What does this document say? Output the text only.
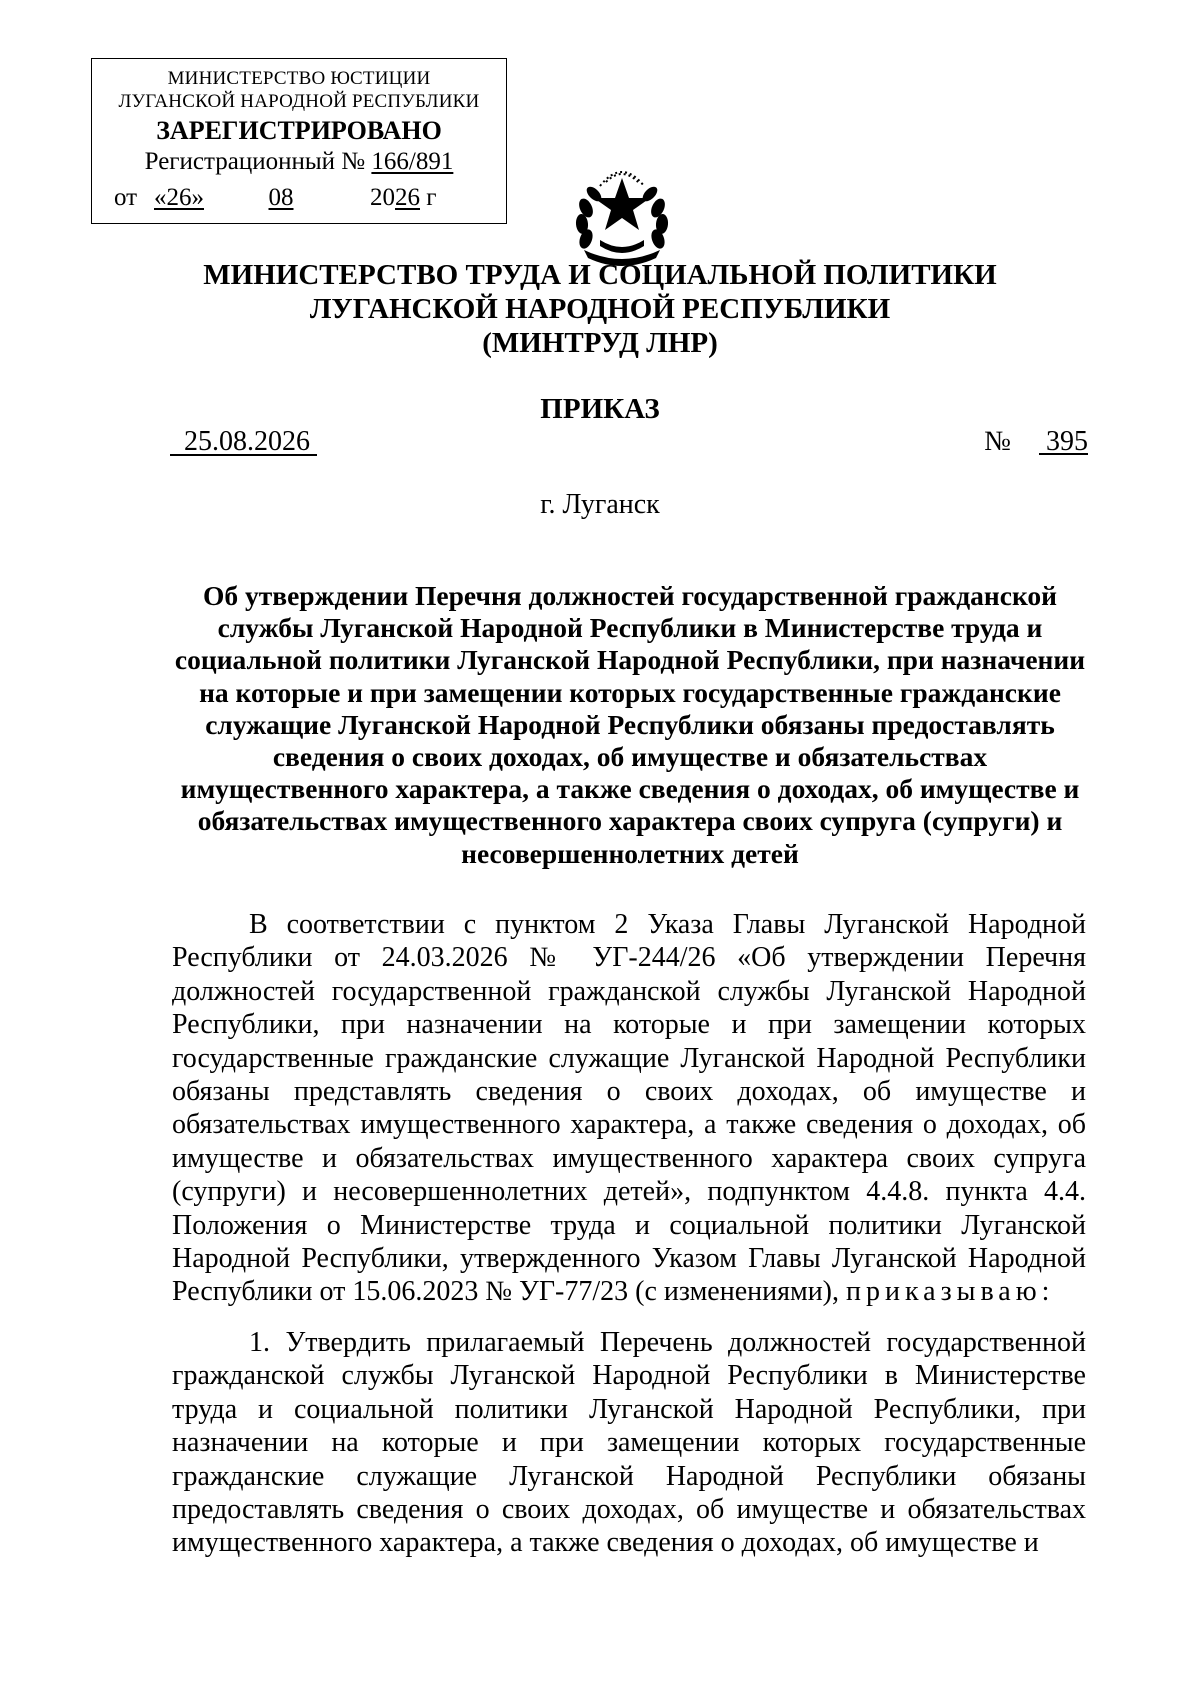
МИНИСТЕРСТВО ЮСТИЦИИ
ЛУГАНСКОЙ НАРОДНОЙ РЕСПУБЛИКИ
ЗАРЕГИСТРИРОВАНО
Регистрационный № 166/891
от «26»	08	2026 г
МИНИСТЕРСТВО ТРУДА И СОЦИАЛЬНОЙ ПОЛИТИКИ
ЛУГАНСКОЙ НАРОДНОЙ РЕСПУБЛИКИ
(МИНТРУД ЛНР)
ПРИКАЗ
25.08.2026	№ 395
г. Луганск
Об утверждении Перечня должностей государственной гражданской службы Луганской Народной Республики в Министерстве труда и социальной политики Луганской Народной Республики, при назначении на которые и при замещении которых государственные гражданские служащие Луганской Народной Республики обязаны предоставлять сведения о своих доходах, об имуществе и обязательствах имущественного характера, а также сведения о доходах, об имуществе и обязательствах имущественного характера своих супруга (супруги) и несовершеннолетних детей

В соответствии с пунктом 2 Указа Главы Луганской Народной Республики от 24.03.2026 № УГ-244/26 «Об утверждении Перечня должностей государственной гражданской службы Луганской Народной Республики, при назначении на которые и при замещении которых государственные гражданские служащие Луганской Народной Республики обязаны представлять сведения о своих доходах, об имуществе и обязательствах имущественного характера, а также сведения о доходах, об имуществе и обязательствах имущественного характера своих супруга (супруги) и несовершеннолетних детей», подпунктом 4.4.8. пункта 4.4. Положения о Министерстве труда и социальной политики Луганской Народной Республики, утвержденного Указом Главы Луганской Народной Республики от 15.06.2023 № УГ-77/23 (с изменениями), приказываю:

1. Утвердить прилагаемый Перечень должностей государственной гражданской службы Луганской Народной Республики в Министерстве труда и социальной политики Луганской Народной Республики, при назначении на которые и при замещении которых государственные гражданские служащие Луганской Народной Республики обязаны предоставлять сведения о своих доходах, об имуществе и обязательствах имущественного характера, а также сведения о доходах, об имуществе и
